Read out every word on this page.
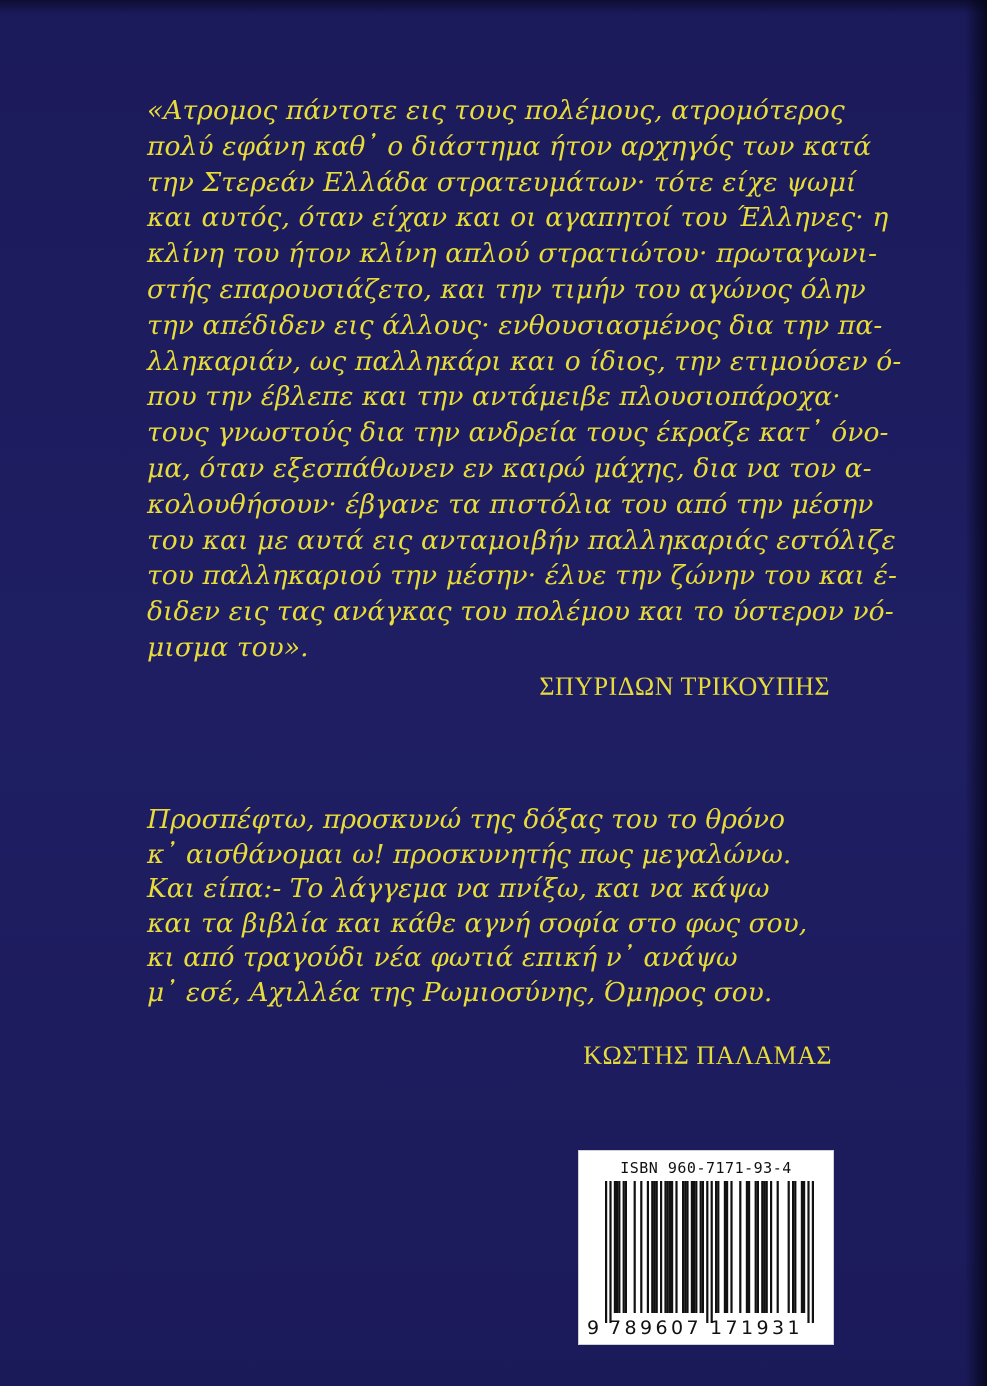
«Ατρομος πάντοτε εις τους πολέμους, ατρομότερος
πολύ εφάνη καθ᾿ ο διάστημα ήτον αρχηγός των κατά
την Στερεάν Ελλάδα στρατευμάτων· τότε είχε ψωμί
και αυτός, όταν είχαν και οι αγαπητοί του Έλληνες· η
κλίνη του ήτον κλίνη απλού στρατιώτου· πρωταγωνι-
στής επαρουσιάζετο, και την τιμήν του αγώνος όλην
την απέδιδεν εις άλλους· ενθουσιασμένος δια την πα-
λληκαριάν, ως παλληκάρι και ο ίδιος, την ετιμούσεν ό-
που την έβλεπε και την αντάμειβε πλουσιοπάροχα·
τους γνωστούς δια την ανδρεία τους έκραζε κατ᾿ όνο-
μα, όταν εξεσπάθωνεν εν καιρώ μάχης, δια να τον α-
κολουθήσουν· έβγανε τα πιστόλια του από την μέσην
του και με αυτά εις ανταμοιβήν παλληκαριάς εστόλιζε
του παλληκαριού την μέσην· έλυε την ζώνην του και έ-
διδεν εις τας ανάγκας του πολέμου και το ύστερον νό-
μισμα του».
ΣΠΥΡΙΔΩΝ ΤΡΙΚΟΥΠΗΣ
Προσπέφτω, προσκυνώ της δόξας του το θρόνο
κ᾿ αισθάνομαι ω! προσκυνητής πως μεγαλώνω.
Και είπα:- Το λάγγεμα να πνίξω, και να κάψω
και τα βιβλία και κάθε αγνή σοφία στο φως σου,
κι από τραγούδι νέα φωτιά επική ν᾿ ανάψω
μ᾿ εσέ, Αχιλλέα της Ρωμιοσύνης, Όμηρος σου.
ΚΩΣΤΗΣ ΠΑΛΑΜΑΣ
ISBN 960-7171-93-4
9 789607 171931
